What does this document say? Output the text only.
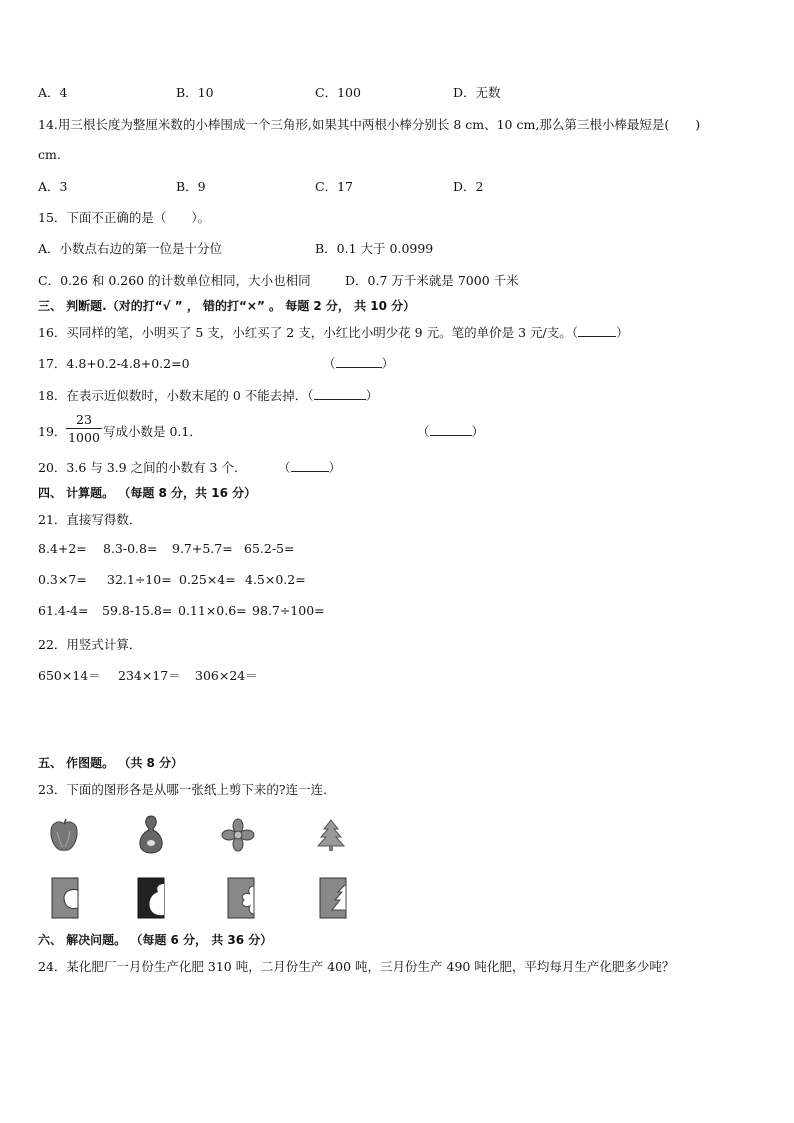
A．4	B．10	C．100	D．无数
14.用三根长度为整厘米数的小棒围成一个三角形,如果其中两根小棒分别长 8 cm、10 cm,那么第三根小棒最短是( )
cm.
A．3	B．9	C．17	D．2
15．下面不正确的是（　　）。
A．小数点右边的第一位是十分位	B．0.1 大于 0.0999
C．0.26 和 0.260 的计数单位相同，大小也相同	D．0.7 万千米就是 7000 千米
三、 判断题.（对的打“√ ” ， 错的打“×” 。 每题 2 分， 共 10 分）
16．买同样的笔，小明买了 5 支，小红买了 2 支，小红比小明少花 9 元。笔的单价是 3 元/支。（	）
17．4.8+0.2-4.8+0.2=0	（	）
18．在表示近似数时，小数末尾的 0 不能去掉．（	）
19．
23
1000 写成小数是 0.1．	（	）
20．3.6 与 3.9 之间的小数有 3 个．	（	）
四、 计算题。 （每题 8 分，共 16 分）
21．直接写得数．
8.4+2= 8.3-0.8= 9.7+5.7= 65.2-5=
0.3×7= 32.1÷10= 0.25×4= 4.5×0.2=
61.4-4= 59.8-15.8= 0.11×0.6= 98.7÷100=
22．用竖式计算．
650×14＝ 234×17＝ 306×24＝
五、 作图题。 （共 8 分）
23．下面的图形各是从哪一张纸上剪下来的?连一连．
六、 解决问题。 （每题 6 分， 共 36 分）
24．某化肥厂一月份生产化肥 310 吨，二月份生产 400 吨，三月份生产 490 吨化肥，平均每月生产化肥多少吨？
